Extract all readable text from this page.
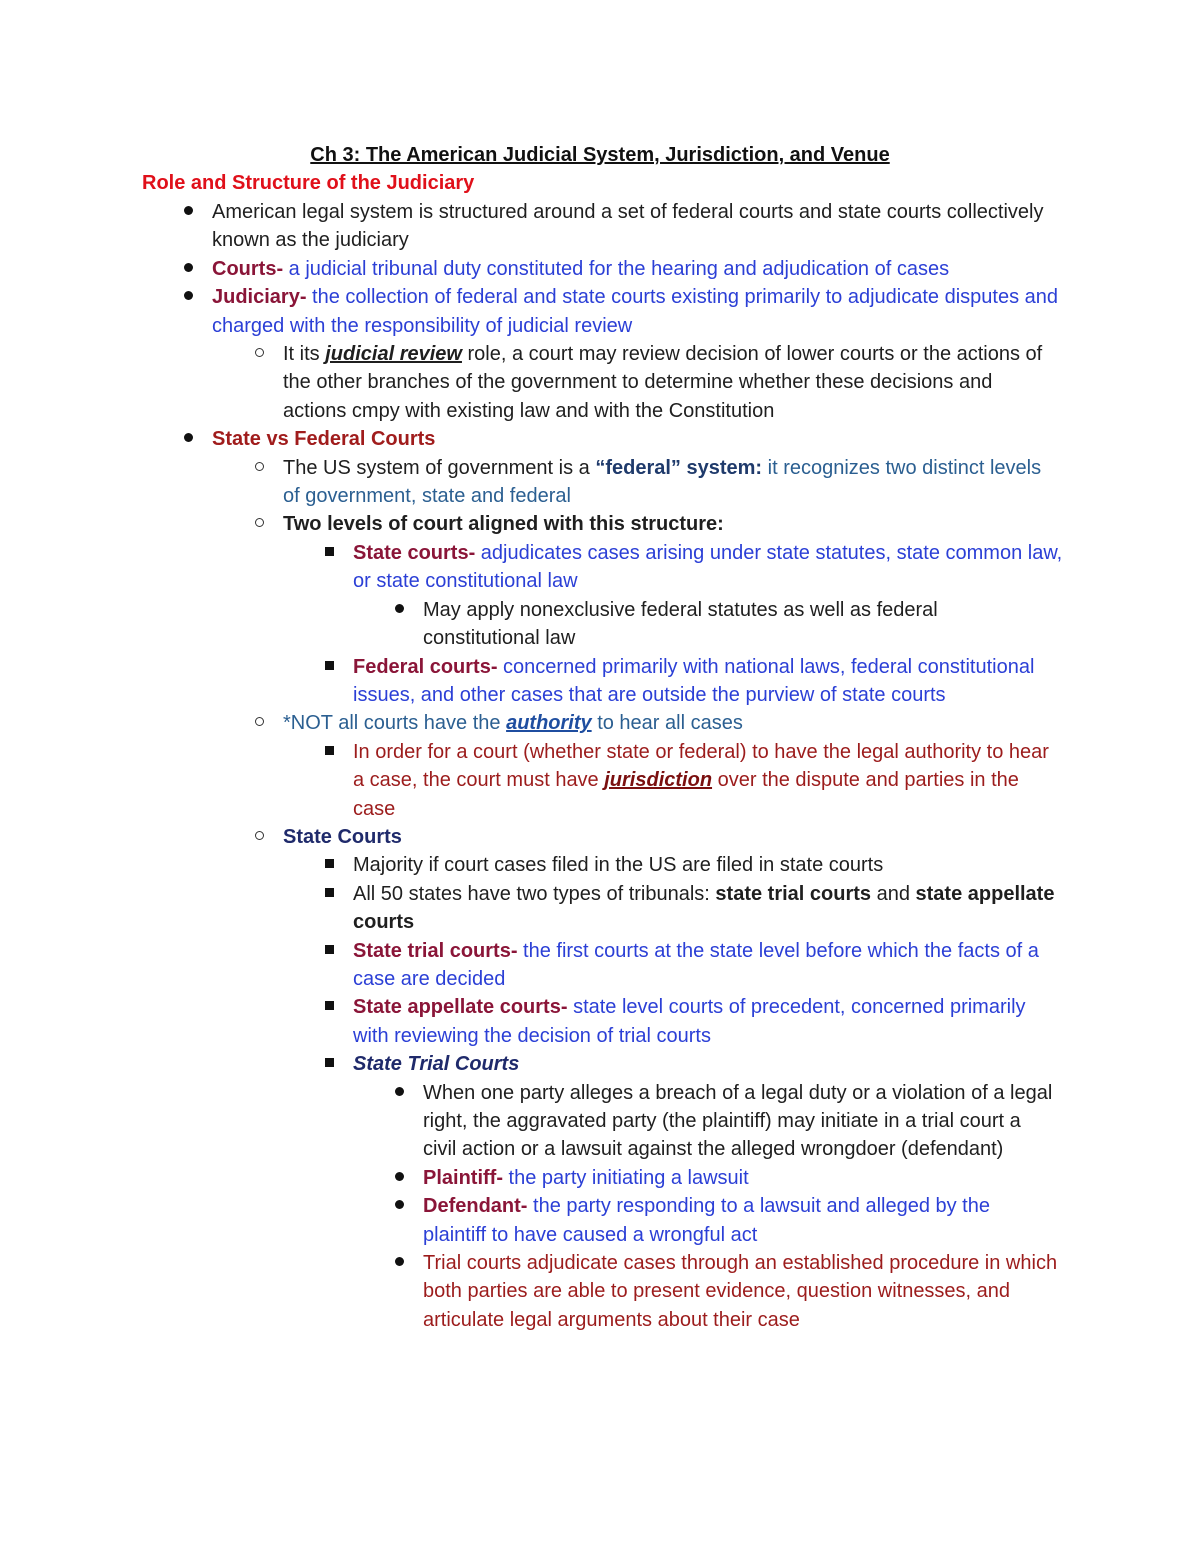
Ch 3: The American Judicial System, Jurisdiction, and Venue
Role and Structure of the Judiciary
American legal system is structured around a set of federal courts and state courts collectively known as the judiciary
Courts- a judicial tribunal duty constituted for the hearing and adjudication of cases
Judiciary- the collection of federal and state courts existing primarily to adjudicate disputes and charged with the responsibility of judicial review
It its judicial review role, a court may review decision of lower courts or the actions of the other branches of the government to determine whether these decisions and actions cmpy with existing law and with the Constitution
State vs Federal Courts
The US system of government is a “federal” system: it recognizes two distinct levels of government, state and federal
Two levels of court aligned with this structure:
State courts- adjudicates cases arising under state statutes, state common law, or state constitutional law
May apply nonexclusive federal statutes as well as federal constitutional law
Federal courts- concerned primarily with national laws, federal constitutional issues, and other cases that are outside the purview of state courts
*NOT all courts have the authority to hear all cases
In order for a court (whether state or federal) to have the legal authority to hear a case, the court must have jurisdiction over the dispute and parties in the case
State Courts
Majority if court cases filed in the US are filed in state courts
All 50 states have two types of tribunals: state trial courts and state appellate courts
State trial courts- the first courts at the state level before which the facts of a case are decided
State appellate courts- state level courts of precedent, concerned primarily with reviewing the decision of trial courts
State Trial Courts
When one party alleges a breach of a legal duty or a violation of a legal right, the aggravated party (the plaintiff) may initiate in a trial court a civil action or a lawsuit against the alleged wrongdoer (defendant)
Plaintiff- the party initiating a lawsuit
Defendant- the party responding to a lawsuit and alleged by the plaintiff to have caused a wrongful act
Trial courts adjudicate cases through an established procedure in which both parties are able to present evidence, question witnesses, and articulate legal arguments about their case
